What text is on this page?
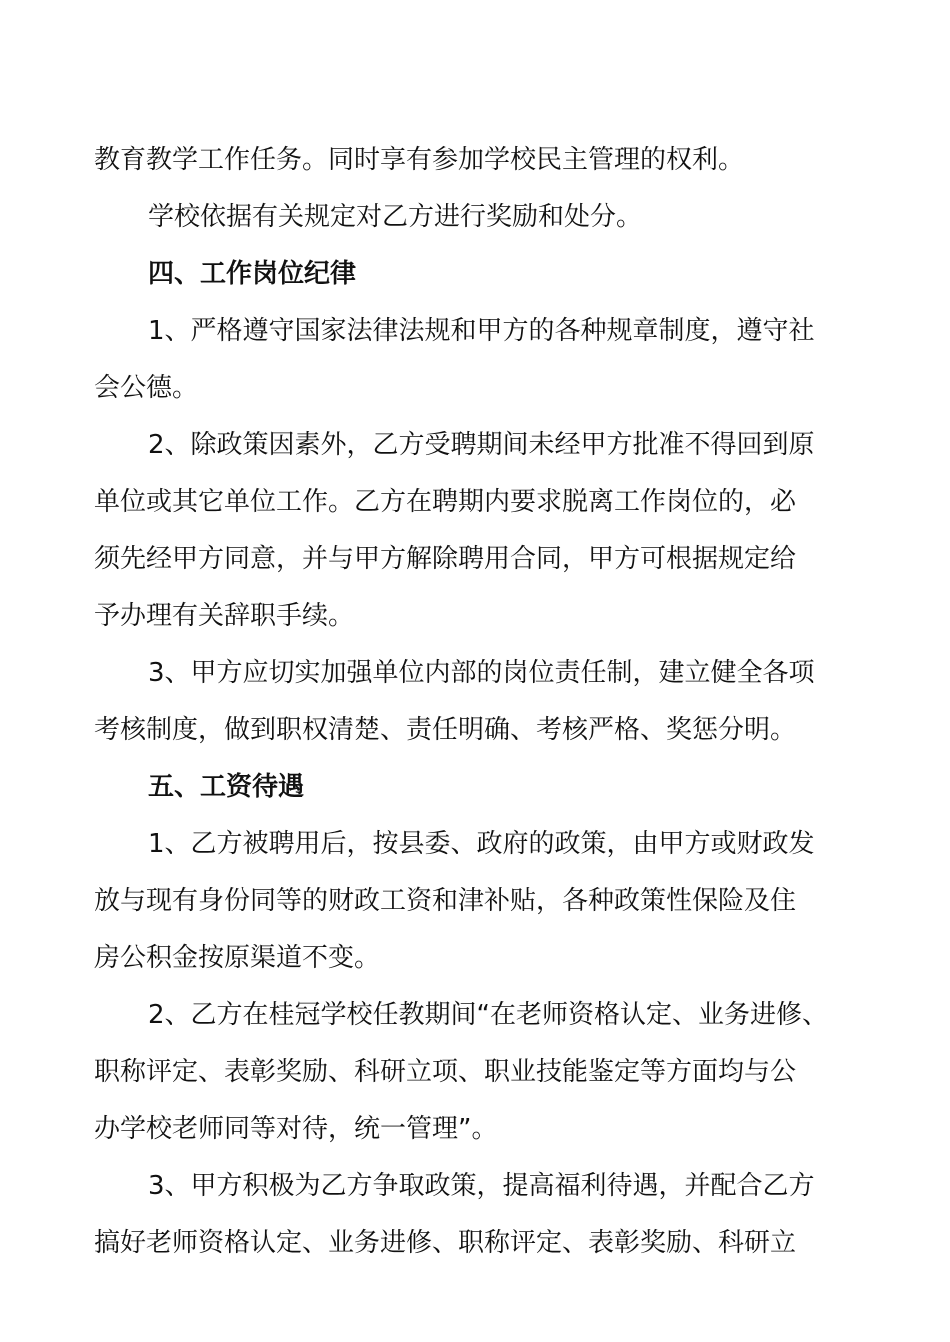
教育教学工作任务。同时享有参加学校民主管理的权利。

学校依据有关规定对乙方进行奖励和处分。

四、工作岗位纪律

1、严格遵守国家法律法规和甲方的各种规章制度，遵守社
会公德。

2、除政策因素外，乙方受聘期间未经甲方批准不得回到原
单位或其它单位工作。乙方在聘期内要求脱离工作岗位的，必
须先经甲方同意，并与甲方解除聘用合同，甲方可根据规定给
予办理有关辞职手续。

3、甲方应切实加强单位内部的岗位责任制，建立健全各项
考核制度，做到职权清楚、责任明确、考核严格、奖惩分明。

五、工资待遇

1、乙方被聘用后，按县委、政府的政策，由甲方或财政发
放与现有身份同等的财政工资和津补贴，各种政策性保险及住
房公积金按原渠道不变。

2、乙方在桂冠学校任教期间“在老师资格认定、业务进修、
职称评定、表彰奖励、科研立项、职业技能鉴定等方面均与公
办学校老师同等对待，统一管理”。

3、甲方积极为乙方争取政策，提高福利待遇，并配合乙方
搞好老师资格认定、业务进修、职称评定、表彰奖励、科研立
